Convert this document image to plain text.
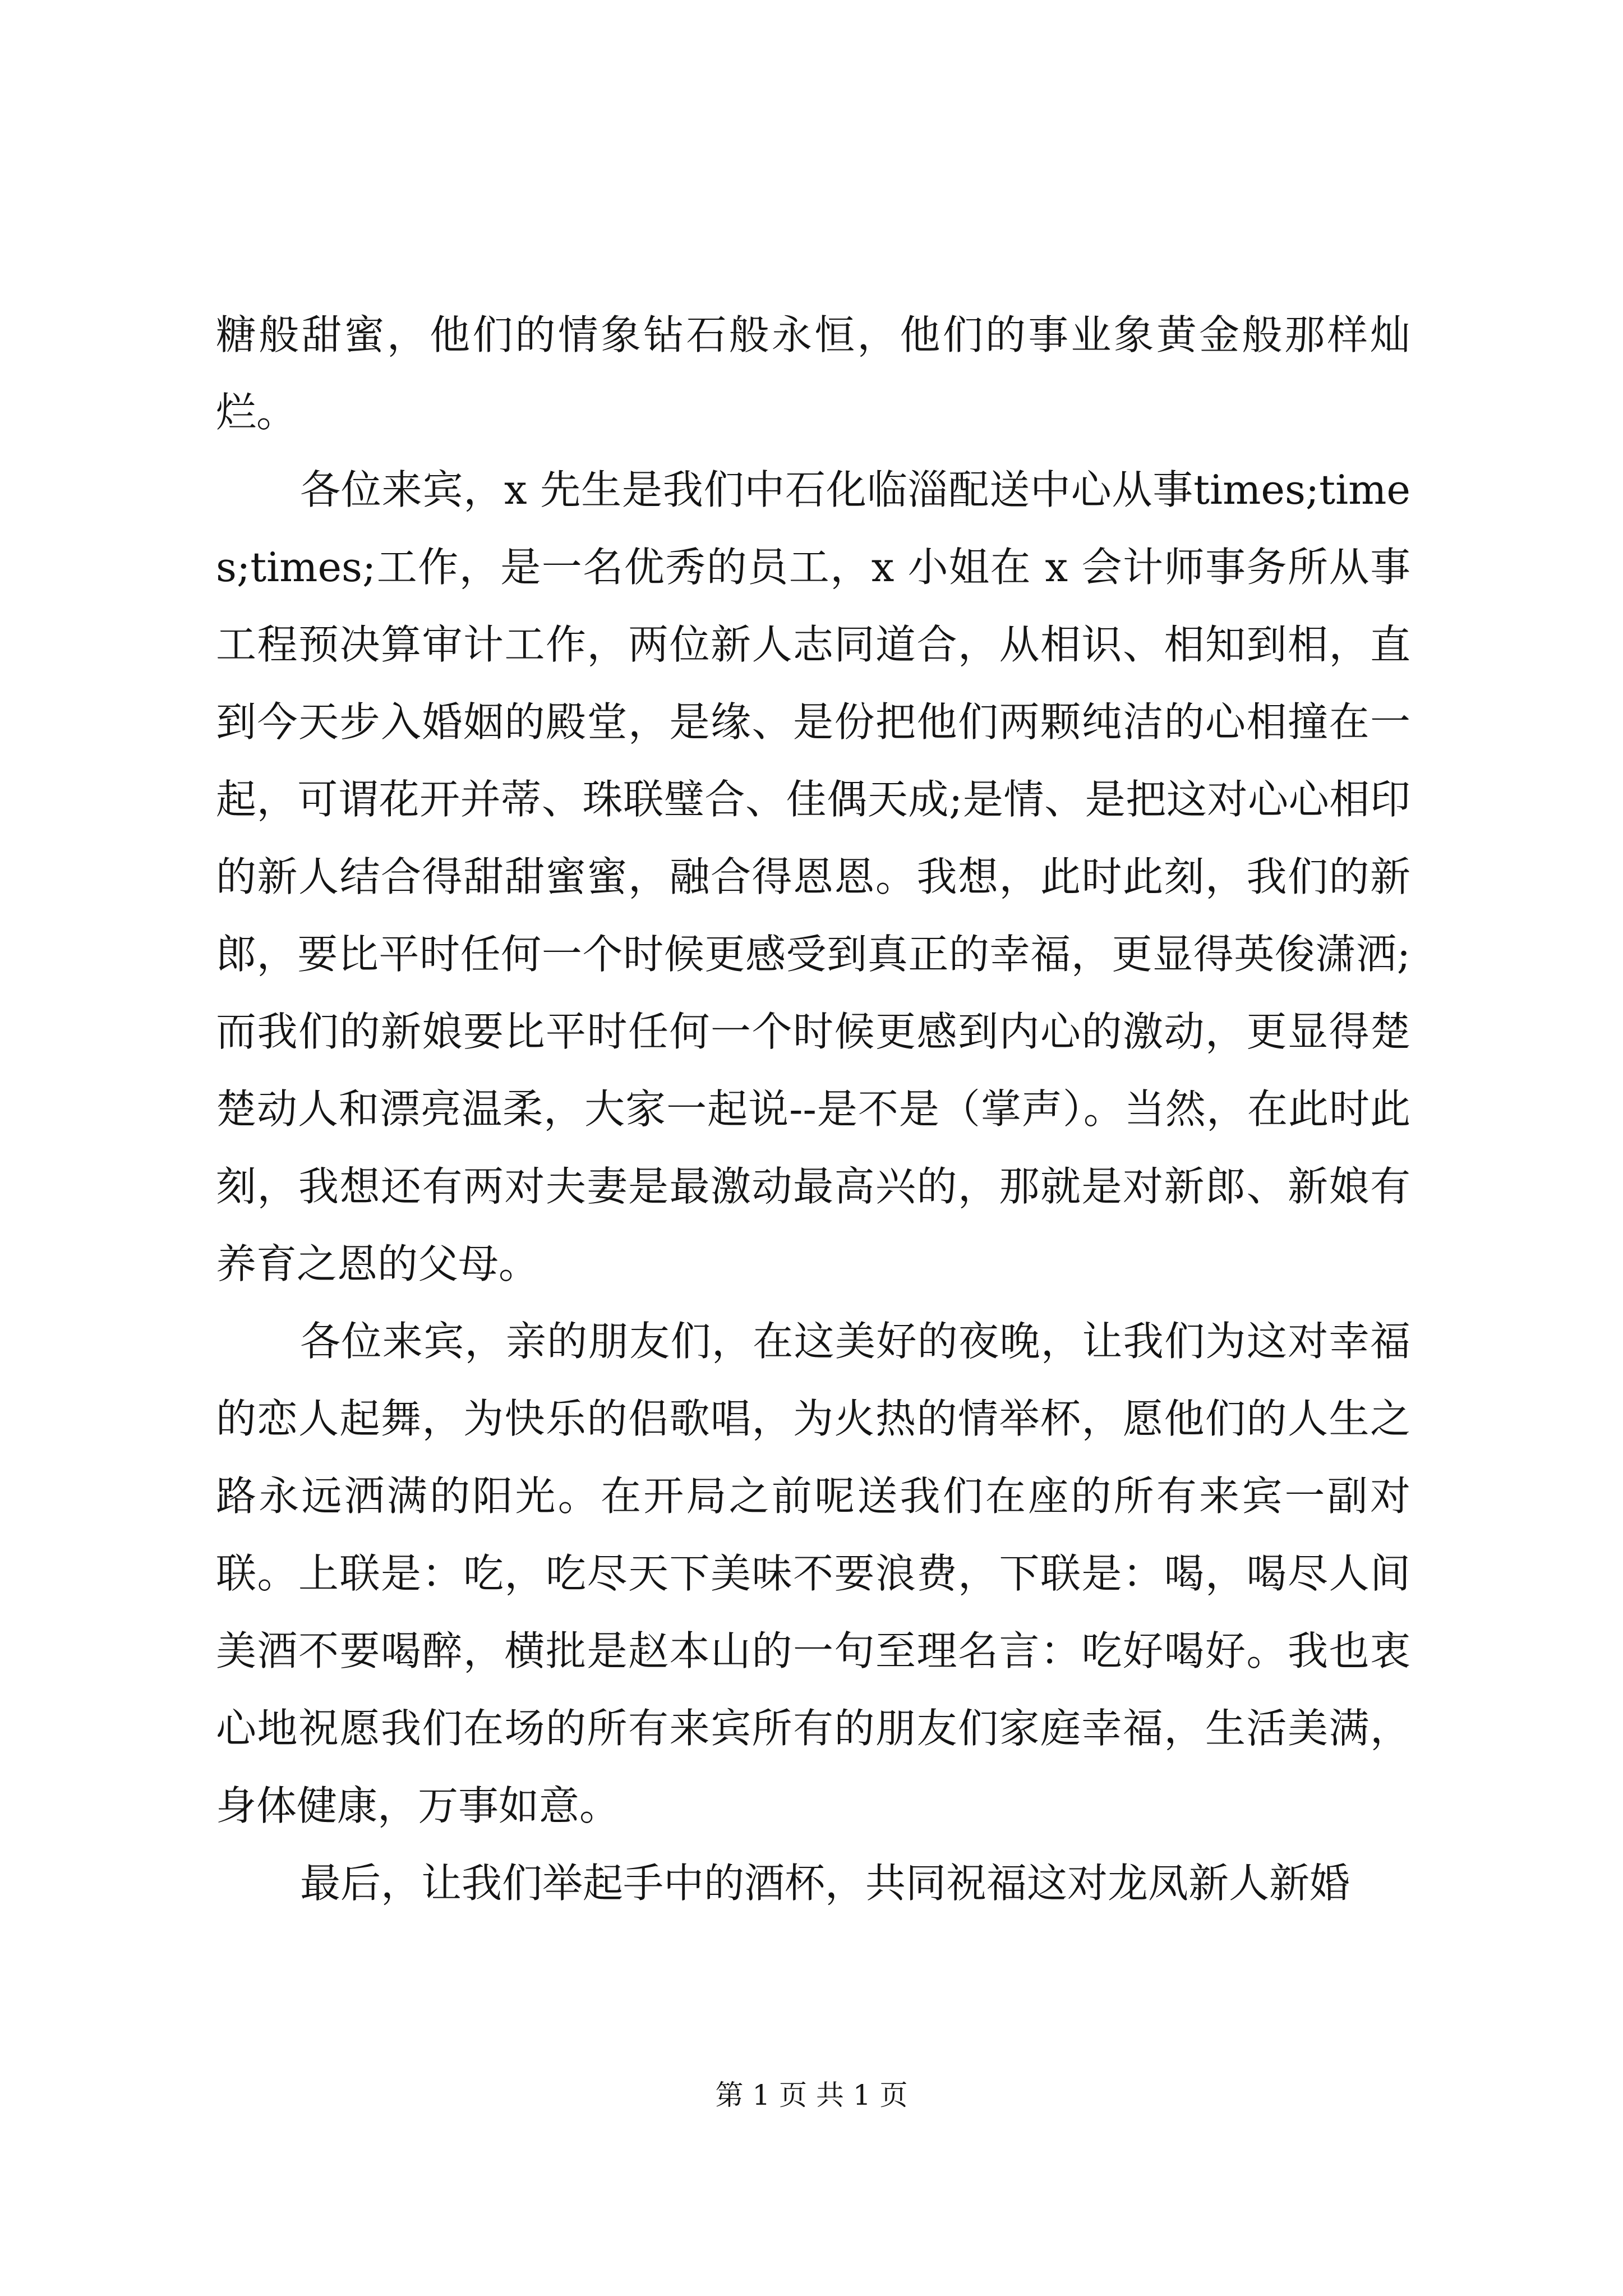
糖般甜蜜，他们的情象钻石般永恒，他们的事业象黄金般那样灿烂。

各位来宾，x 先生是我们中石化临淄配送中心从事times;times;times;工作，是一名优秀的员工，x 小姐在 x 会计师事务所从事工程预决算审计工作，两位新人志同道合，从相识、相知到相，直到今天步入婚姻的殿堂，是缘、是份把他们两颗纯洁的心相撞在一起，可谓花开并蒂、珠联璧合、佳偶天成;是情、是把这对心心相印的新人结合得甜甜蜜蜜，融合得恩恩。我想，此时此刻，我们的新郎，要比平时任何一个时候更感受到真正的幸福，更显得英俊潇洒;而我们的新娘要比平时任何一个时候更感到内心的激动，更显得楚楚动人和漂亮温柔，大家一起说--是不是（掌声）。当然，在此时此刻，我想还有两对夫妻是最激动最高兴的，那就是对新郎、新娘有养育之恩的父母。

各位来宾，亲的朋友们，在这美好的夜晚，让我们为这对幸福的恋人起舞，为快乐的侣歌唱，为火热的情举杯，愿他们的人生之路永远洒满的阳光。在开局之前呢送我们在座的所有来宾一副对联。上联是：吃，吃尽天下美味不要浪费，下联是：喝，喝尽人间美酒不要喝醉，横批是赵本山的一句至理名言：吃好喝好。我也衷心地祝愿我们在场的所有来宾所有的朋友们家庭幸福，生活美满，身体健康，万事如意。

最后，让我们举起手中的酒杯，共同祝福这对龙凤新人新婚

第 1 页 共 1 页
